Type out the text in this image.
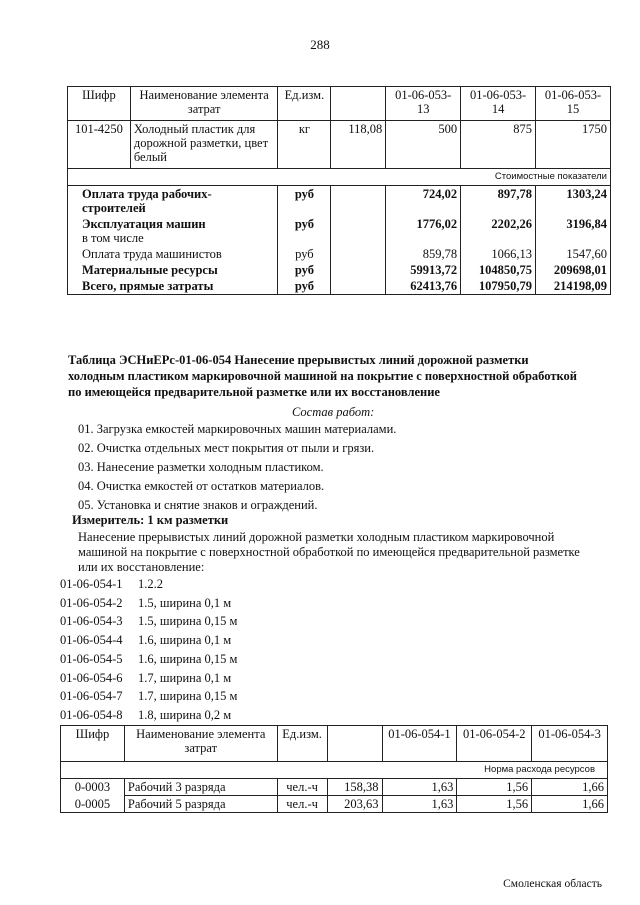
288
Шифр	Наименование элемента затрат	Ед.изм.		01-06-053-13	01-06-053-14	01-06-053-15
101-4250	Холодный пластик для дорожной разметки, цвет белый	кг	118,08	500	875	1750
Стоимостные показатели						
Оплата труда рабочих-строителей		руб		724,02	897,78	1303,24

Эксплуатация машин
в том числе		руб		1776,02	2202,26	3196,84
Оплата труда машинистов		руб		859,78	1066,13	1547,60
Материальные ресурсы		руб		59913,72	104850,75	209698,01
Всего, прямые затраты		руб		62413,76	107950,79	214198,09
Таблица ЭСНиЕРс-01-06-054 Нанесение прерывистых линий дорожной разметки
холодным пластиком маркировочной машиной на покрытие с поверхностной обработкой
по имеющейся предварительной разметке или их восстановление
Состав работ:
01. Загрузка емкостей маркировочных машин материалами.
02. Очистка отдельных мест покрытия от пыли и грязи.
03. Нанесение разметки холодным пластиком.
04. Очистка емкостей от остатков материалов.
05. Установка и снятие знаков и ограждений.
Измеритель: 1 км разметки
Нанесение прерывистых линий дорожной разметки холодным пластиком маркировочной
машиной на покрытие с поверхностной обработкой по имеющейся предварительной разметке
или их восстановление:
01-06-054-1 1.2.2
01-06-054-2 1.5, ширина 0,1 м
01-06-054-3 1.5, ширина 0,15 м
01-06-054-4 1.6, ширина 0,1 м
01-06-054-5 1.6, ширина 0,15 м
01-06-054-6 1.7, ширина 0,1 м
01-06-054-7 1.7, ширина 0,15 м
01-06-054-8 1.8, ширина 0,2 м
Шифр	Наименование элемента затрат	Ед.изм.		01-06-054-1	01-06-054-2	01-06-054-3
Норма расхода ресурсов						
0-0003	Рабочий 3 разряда	чел.-ч	158,38	1,63	1,56	1,66
0-0005	Рабочий 5 разряда	чел.-ч	203,63	1,63	1,56	1,66
Смоленская область
